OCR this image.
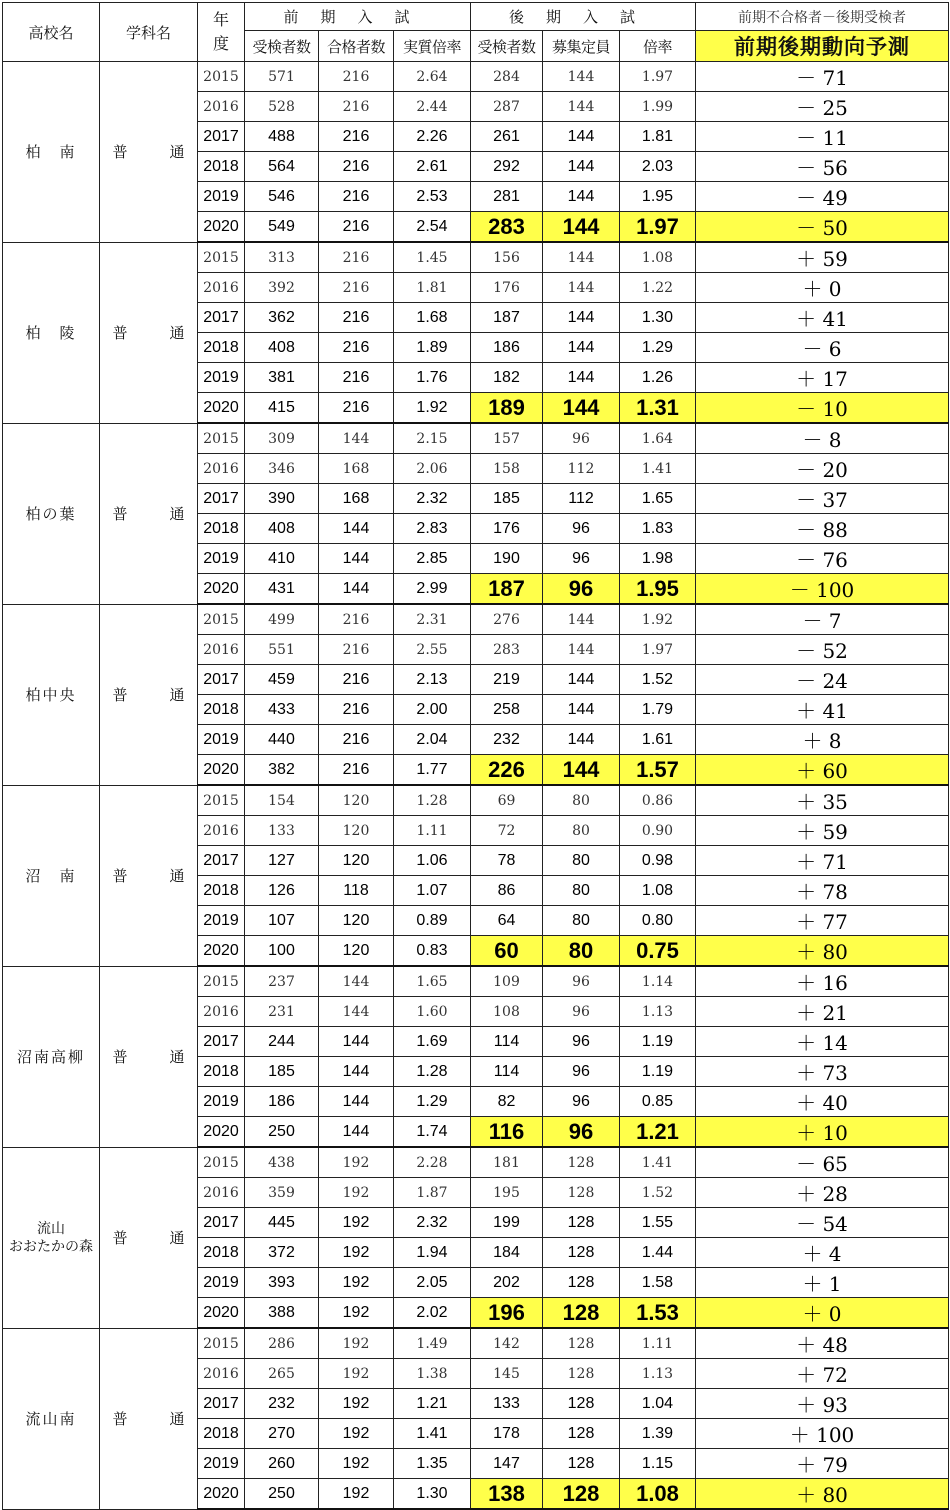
高校名	学科名	年度	前期入試			後期入試			前期不合格者－後期受検者
			受検者数	合格者数	実質倍率	受検者数	募集定員	倍率	前期後期動向予測
柏　南	普通	2015	571	216	2.64	284	144	1.97	－ 71
		2016	528	216	2.44	287	144	1.99	－ 25
		2017	488	216	2.26	261	144	1.81	－ 11
		2018	564	216	2.61	292	144	2.03	－ 56
		2019	546	216	2.53	281	144	1.95	－ 49
		2020	549	216	2.54	283	144	1.97	－ 50
柏　陵	普通	2015	313	216	1.45	156	144	1.08	＋ 59
		2016	392	216	1.81	176	144	1.22	＋ 0
		2017	362	216	1.68	187	144	1.30	＋ 41
		2018	408	216	1.89	186	144	1.29	－ 6
		2019	381	216	1.76	182	144	1.26	＋ 17
		2020	415	216	1.92	189	144	1.31	－ 10
柏の葉	普通	2015	309	144	2.15	157	96	1.64	－ 8
		2016	346	168	2.06	158	112	1.41	－ 20
		2017	390	168	2.32	185	112	1.65	－ 37
		2018	408	144	2.83	176	96	1.83	－ 88
		2019	410	144	2.85	190	96	1.98	－ 76
		2020	431	144	2.99	187	96	1.95	－ 100
柏中央	普通	2015	499	216	2.31	276	144	1.92	－ 7
		2016	551	216	2.55	283	144	1.97	－ 52
		2017	459	216	2.13	219	144	1.52	－ 24
		2018	433	216	2.00	258	144	1.79	＋ 41
		2019	440	216	2.04	232	144	1.61	＋ 8
		2020	382	216	1.77	226	144	1.57	＋ 60
沼　南	普通	2015	154	120	1.28	69	80	0.86	＋ 35
		2016	133	120	1.11	72	80	0.90	＋ 59
		2017	127	120	1.06	78	80	0.98	＋ 71
		2018	126	118	1.07	86	80	1.08	＋ 78
		2019	107	120	0.89	64	80	0.80	＋ 77
		2020	100	120	0.83	60	80	0.75	＋ 80
沼南高柳	普通	2015	237	144	1.65	109	96	1.14	＋ 16
		2016	231	144	1.60	108	96	1.13	＋ 21
		2017	244	144	1.69	114	96	1.19	＋ 14
		2018	185	144	1.28	114	96	1.19	＋ 73
		2019	186	144	1.29	82	96	0.85	＋ 40
		2020	250	144	1.74	116	96	1.21	＋ 10
流山
おおたかの森	普通	2015	438	192	2.28	181	128	1.41	－ 65
		2016	359	192	1.87	195	128	1.52	＋ 28
		2017	445	192	2.32	199	128	1.55	－ 54
		2018	372	192	1.94	184	128	1.44	＋ 4
		2019	393	192	2.05	202	128	1.58	＋ 1
		2020	388	192	2.02	196	128	1.53	＋ 0
流山南	普通	2015	286	192	1.49	142	128	1.11	＋ 48
		2016	265	192	1.38	145	128	1.13	＋ 72
		2017	232	192	1.21	133	128	1.04	＋ 93
		2018	270	192	1.41	178	128	1.39	＋ 100
		2019	260	192	1.35	147	128	1.15	＋ 79
		2020	250	192	1.30	138	128	1.08	＋ 80
